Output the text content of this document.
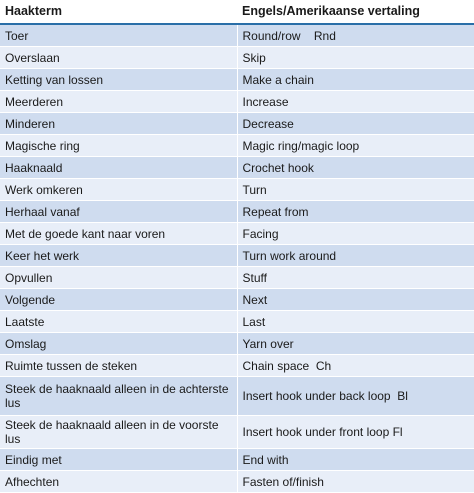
Haakterm	Engels/Amerikaanse vertaling
Toer	Round/row    Rnd
Overslaan	Skip
Ketting van lossen	Make a chain
Meerderen	Increase
Minderen	Decrease
Magische ring	Magic ring/magic loop
Haaknaald	Crochet hook
Werk omkeren	Turn
Herhaal vanaf	Repeat from
Met de goede kant naar voren	Facing
Keer het werk	Turn work around
Opvullen	Stuff
Volgende	Next
Laatste	Last
Omslag	Yarn over
Ruimte tussen de steken	Chain space  Ch
Steek de haaknaald alleen in de achterste lus	Insert hook under back loop  Bl
Steek de haaknaald alleen in de voorste lus	Insert hook under front loop Fl
Eindig met	End with
Afhechten	Fasten of/finish
